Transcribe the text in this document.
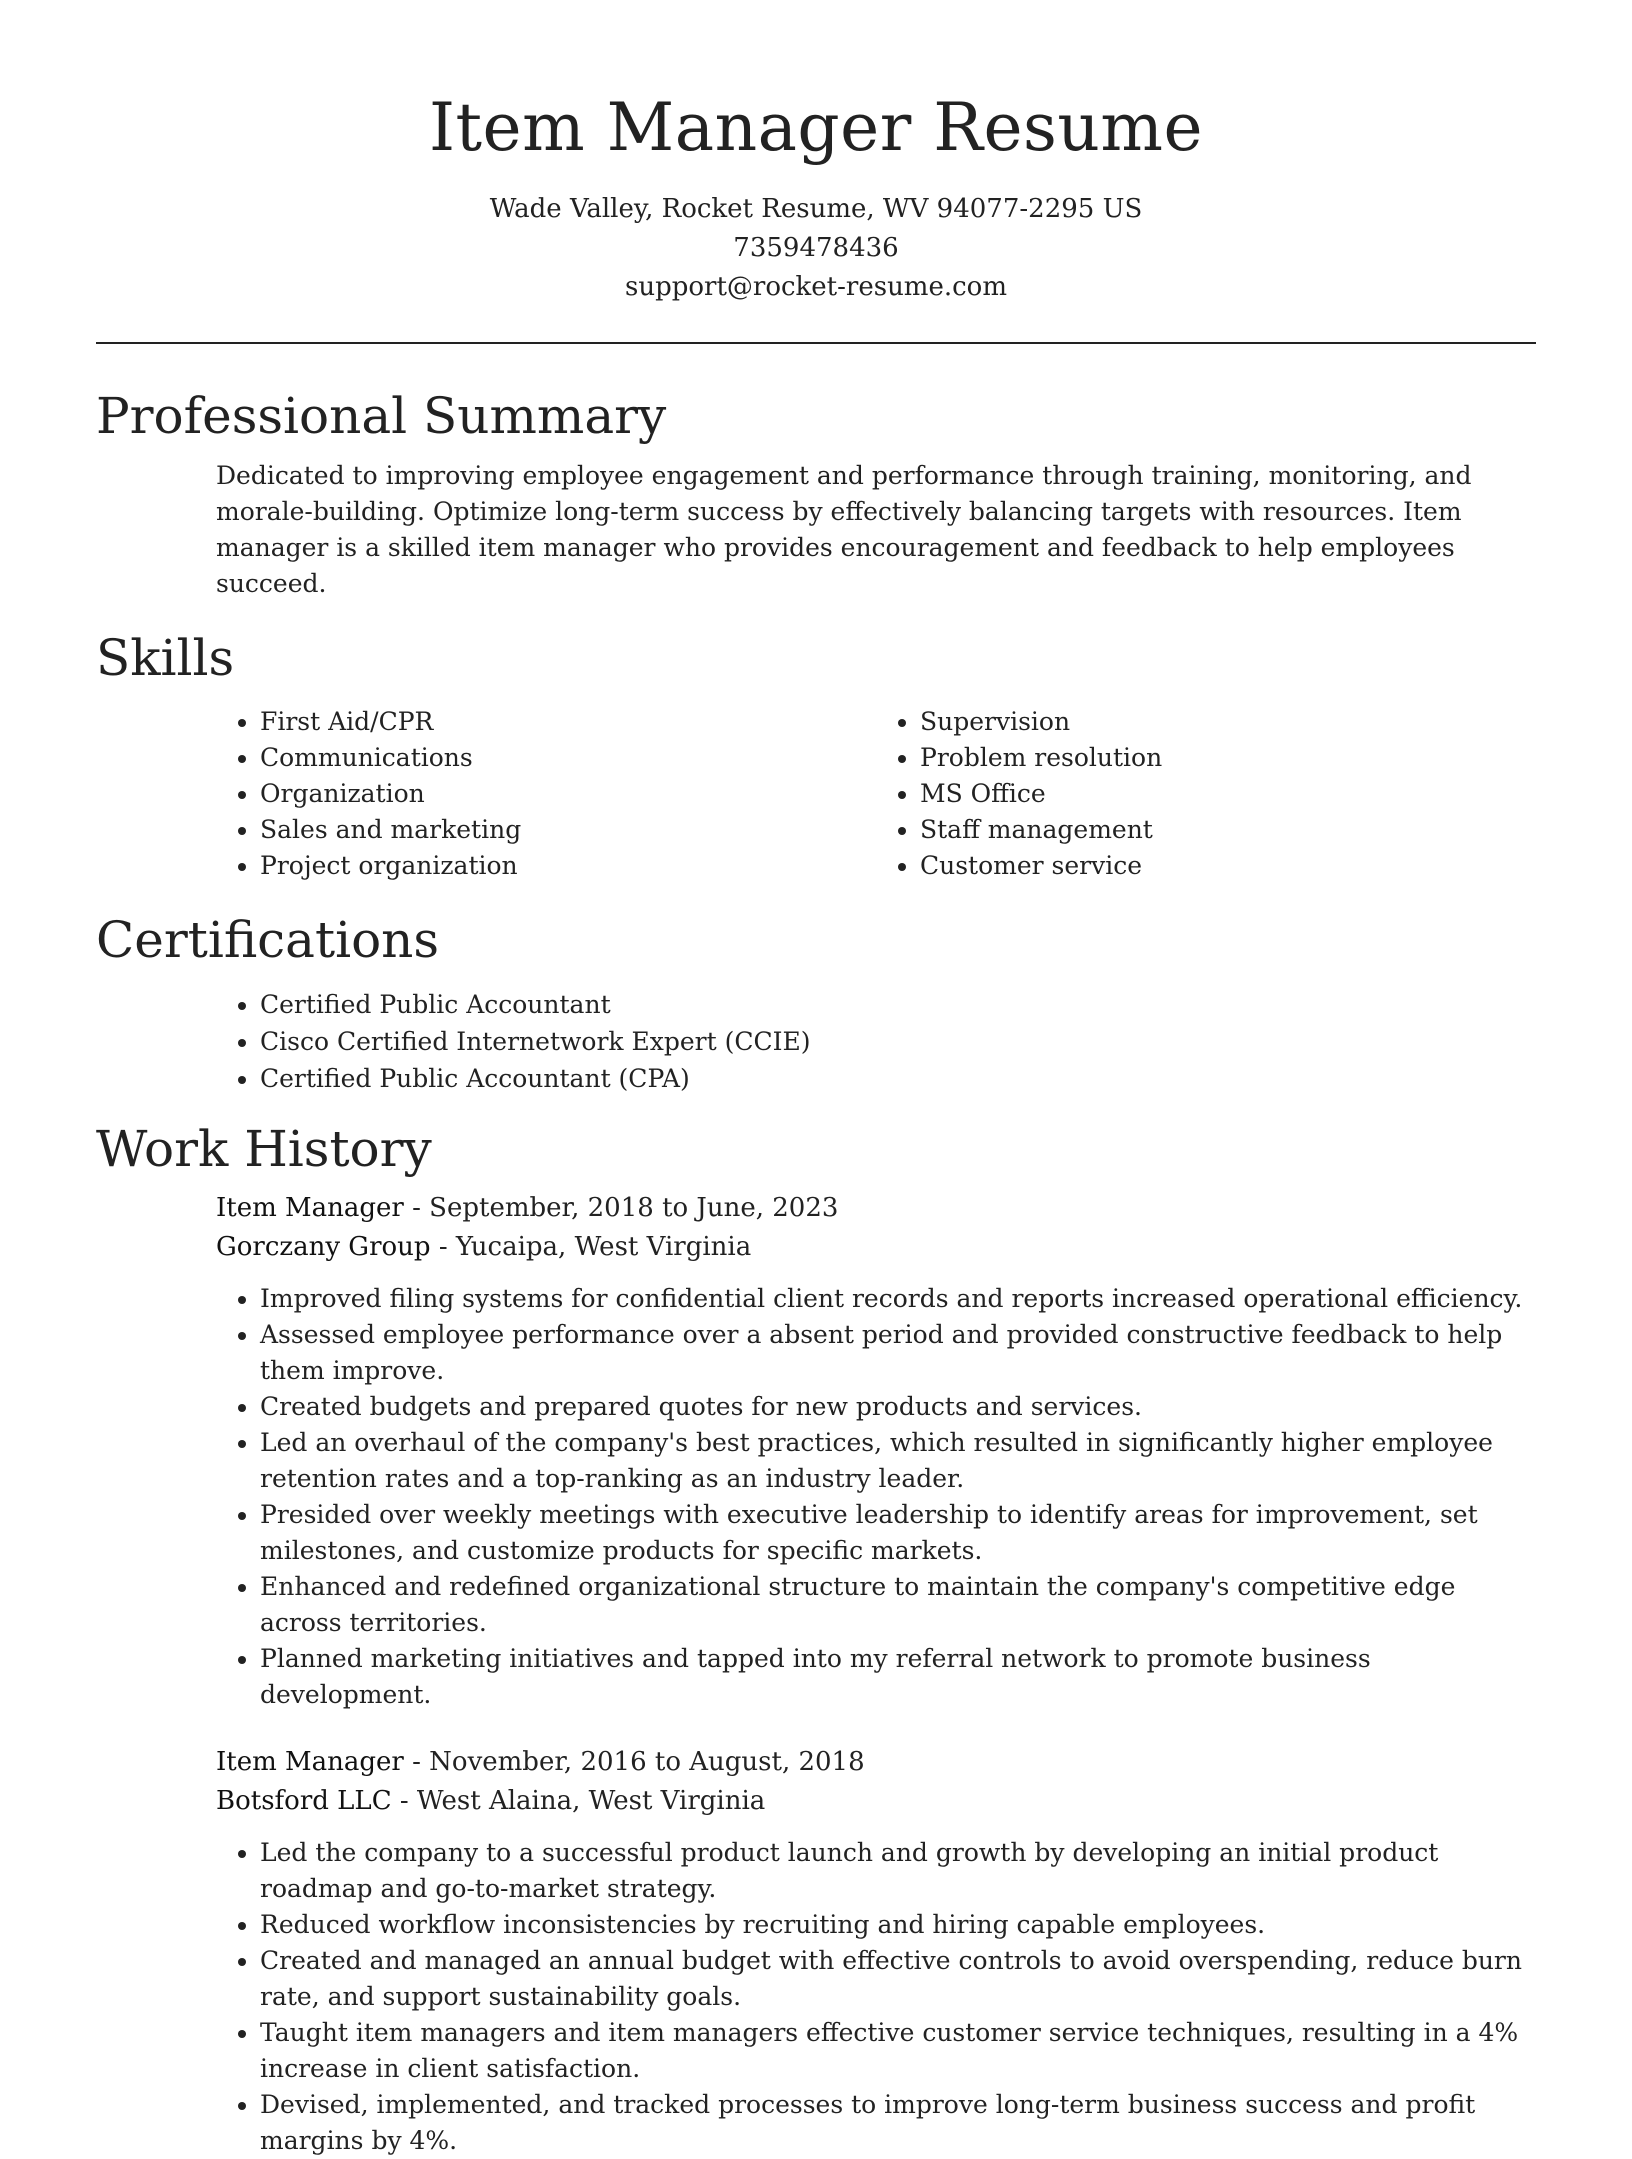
Item Manager Resume
Wade Valley, Rocket Resume, WV 94077-2295 US
7359478436
support@rocket-resume.com
Professional Summary
Dedicated to improving employee engagement and performance through training, monitoring, and morale-building. Optimize long-term success by effectively balancing targets with resources. Item manager is a skilled item manager who provides encouragement and feedback to help employees succeed.
Skills
• First Aid/CPR
• Communications
• Organization
• Sales and marketing
• Project organization
• Supervision
• Problem resolution
• MS Office
• Staff management
• Customer service
Certifications
• Certified Public Accountant
• Cisco Certified Internetwork Expert (CCIE)
• Certified Public Accountant (CPA)
Work History
Item Manager - September, 2018 to June, 2023
Gorczany Group - Yucaipa, West Virginia
• Improved filing systems for confidential client records and reports increased operational efficiency.
• Assessed employee performance over a absent period and provided constructive feedback to help them improve.
• Created budgets and prepared quotes for new products and services.
• Led an overhaul of the company's best practices, which resulted in significantly higher employee retention rates and a top-ranking as an industry leader.
• Presided over weekly meetings with executive leadership to identify areas for improvement, set milestones, and customize products for specific markets.
• Enhanced and redefined organizational structure to maintain the company's competitive edge across territories.
• Planned marketing initiatives and tapped into my referral network to promote business development.
Item Manager - November, 2016 to August, 2018
Botsford LLC - West Alaina, West Virginia
• Led the company to a successful product launch and growth by developing an initial product roadmap and go-to-market strategy.
• Reduced workflow inconsistencies by recruiting and hiring capable employees.
• Created and managed an annual budget with effective controls to avoid overspending, reduce burn rate, and support sustainability goals.
• Taught item managers and item managers effective customer service techniques, resulting in a 4% increase in client satisfaction.
• Devised, implemented, and tracked processes to improve long-term business success and profit margins by 4%.
